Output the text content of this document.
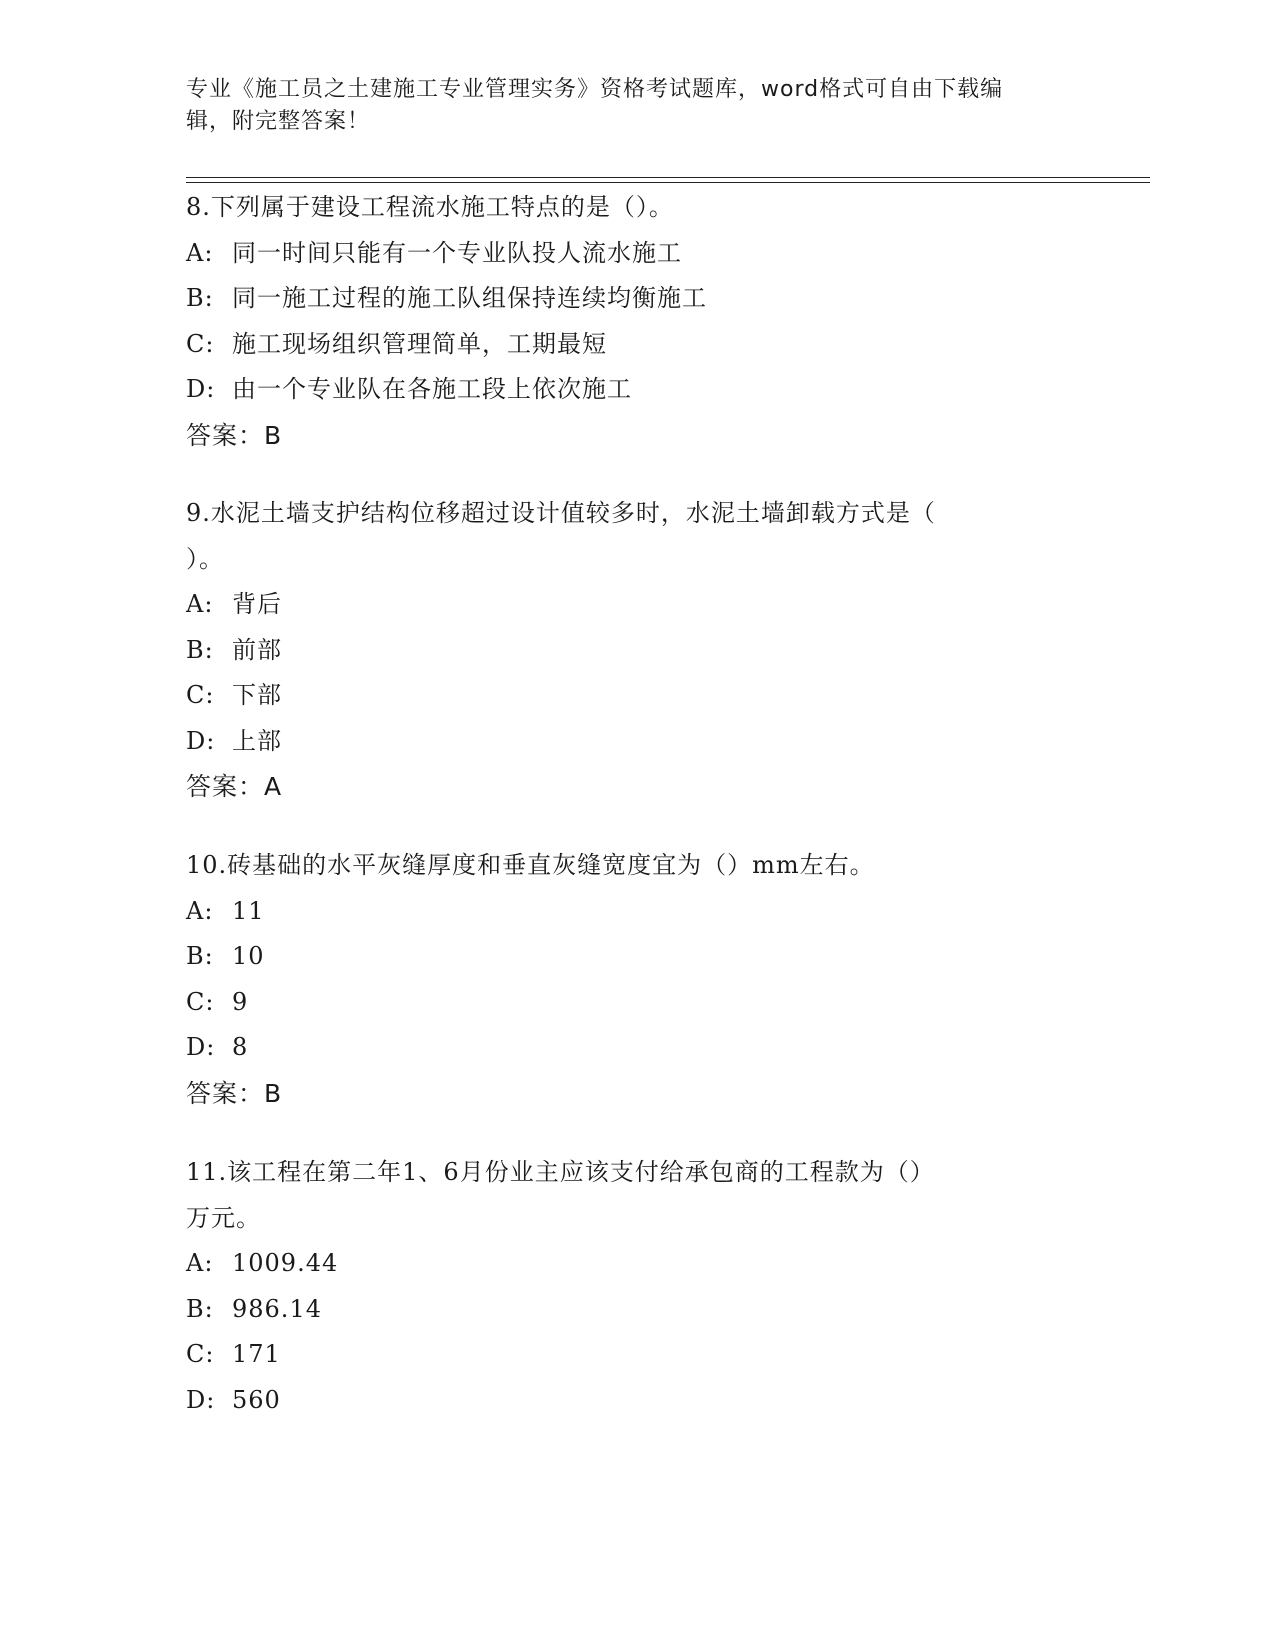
专业《施工员之土建施工专业管理实务》资格考试题库，word格式可自由下载编
辑，附完整答案！
8.下列属于建设工程流水施工特点的是（）。
A: 同一时间只能有一个专业队投人流水施工
B: 同一施工过程的施工队组保持连续均衡施工
C: 施工现场组织管理简单，工期最短
D: 由一个专业队在各施工段上依次施工
答案：B
9.水泥土墙支护结构位移超过设计值较多时，水泥土墙卸载方式是（
）。
A: 背后
B: 前部
C: 下部
D: 上部
答案：A
10.砖基础的水平灰缝厚度和垂直灰缝宽度宜为（）mm左右。
A: 11
B: 10
C: 9
D: 8
答案：B
11.该工程在第二年1、6月份业主应该支付给承包商的工程款为（）
万元。
A: 1009.44
B: 986.14
C: 171
D: 560
